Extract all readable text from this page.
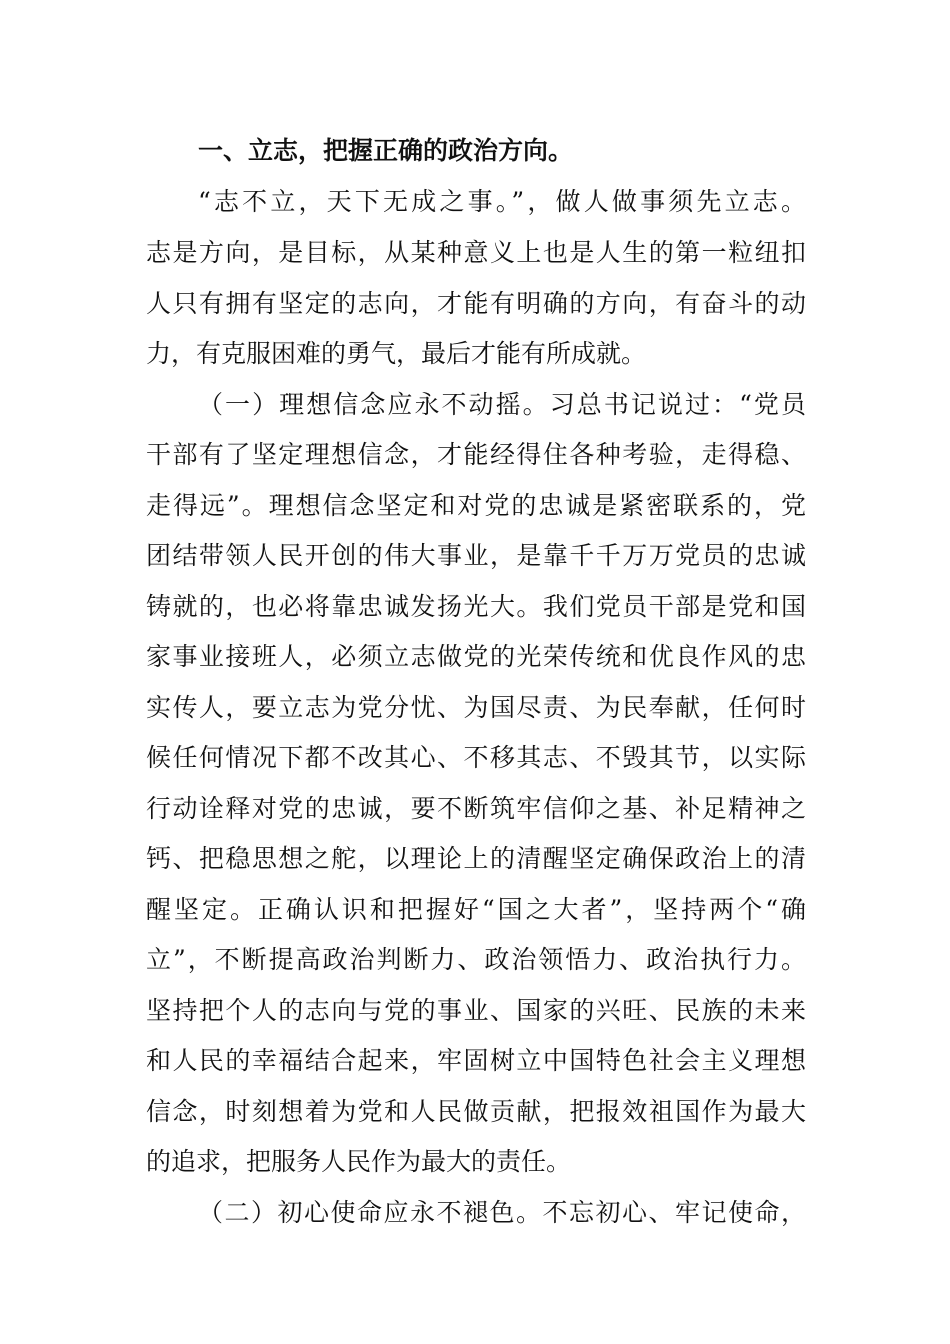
一、立志，把握正确的政治方向。
“志不立，天下无成之事。”，做人做事须先立志。
志是方向，是目标，从某种意义上也是人生的第一粒纽扣
人只有拥有坚定的志向，才能有明确的方向，有奋斗的动
力，有克服困难的勇气，最后才能有所成就。
（一）理想信念应永不动摇。习总书记说过：“党员
干部有了坚定理想信念，才能经得住各种考验，走得稳、
走得远”。理想信念坚定和对党的忠诚是紧密联系的，党
团结带领人民开创的伟大事业，是靠千千万万党员的忠诚
铸就的，也必将靠忠诚发扬光大。我们党员干部是党和国
家事业接班人，必须立志做党的光荣传统和优良作风的忠
实传人，要立志为党分忧、为国尽责、为民奉献，任何时
候任何情况下都不改其心、不移其志、不毁其节，以实际
行动诠释对党的忠诚，要不断筑牢信仰之基、补足精神之
钙、把稳思想之舵，以理论上的清醒坚定确保政治上的清
醒坚定。正确认识和把握好“国之大者”，坚持两个“确
立”，不断提高政治判断力、政治领悟力、政治执行力。
坚持把个人的志向与党的事业、国家的兴旺、民族的未来
和人民的幸福结合起来，牢固树立中国特色社会主义理想
信念，时刻想着为党和人民做贡献，把报效祖国作为最大
的追求，把服务人民作为最大的责任。
（二）初心使命应永不褪色。不忘初心、牢记使命，
